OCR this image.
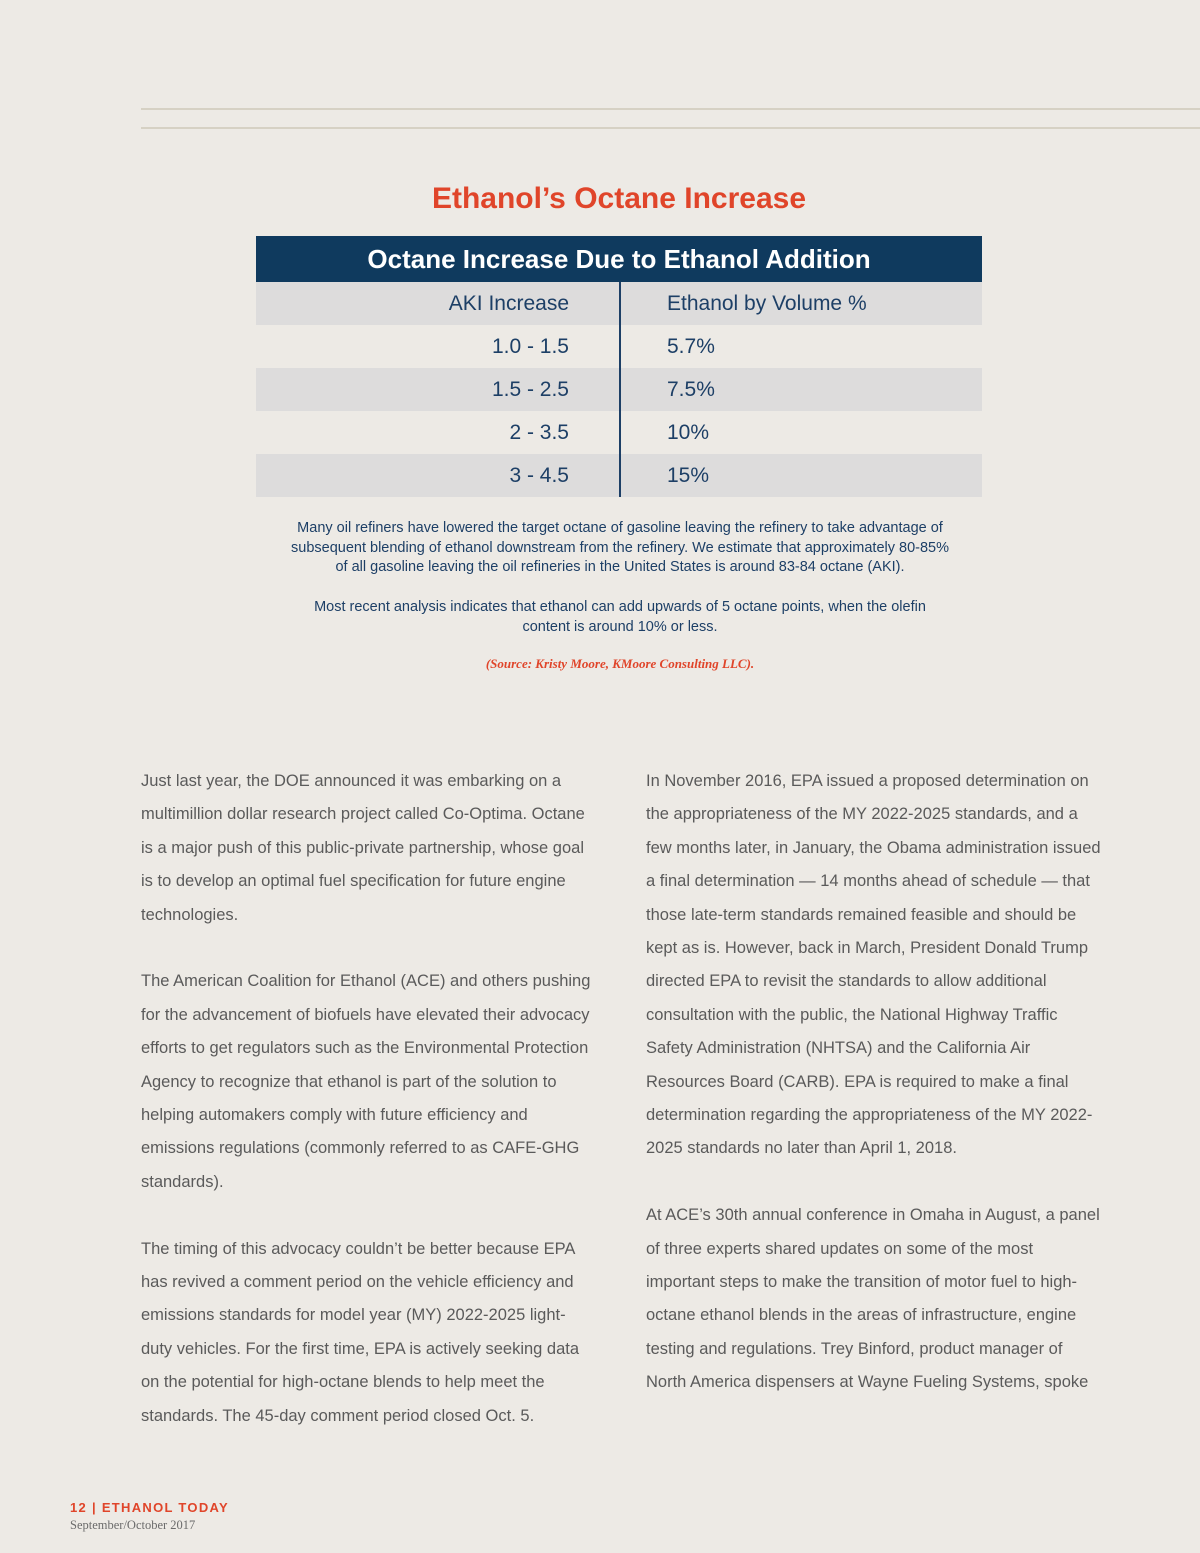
Ethanol’s Octane Increase
Octane Increase Due to Ethanol Addition
AKI Increase	Ethanol by Volume %
1.0 - 1.5	5.7%
1.5 - 2.5	7.5%
2 - 3.5	10%
3 - 4.5	15%
Many oil refiners have lowered the target octane of gasoline leaving the refinery to take advantage of subsequent blending of ethanol downstream from the refinery. We estimate that approximately 80-85% of all gasoline leaving the oil refineries in the United States is around 83-84 octane (AKI).
Most recent analysis indicates that ethanol can add upwards of 5 octane points, when the olefin content is around 10% or less.
(Source: Kristy Moore, KMoore Consulting LLC).

Just last year, the DOE announced it was embarking on a multimillion dollar research project called Co-Optima. Octane is a major push of this public-private partnership, whose goal is to develop an optimal fuel specification for future engine technologies.

The American Coalition for Ethanol (ACE) and others pushing for the advancement of biofuels have elevated their advocacy efforts to get regulators such as the Environmental Protection Agency to recognize that ethanol is part of the solution to helping automakers comply with future efficiency and emissions regulations (commonly referred to as CAFE-GHG standards).

The timing of this advocacy couldn’t be better because EPA has revived a comment period on the vehicle efficiency and emissions standards for model year (MY) 2022-2025 light-duty vehicles. For the first time, EPA is actively seeking data on the potential for high-octane blends to help meet the standards. The 45-day comment period closed Oct. 5.

In November 2016, EPA issued a proposed determination on the appropriateness of the MY 2022-2025 standards, and a few months later, in January, the Obama administration issued a final determination — 14 months ahead of schedule — that those late-term standards remained feasible and should be kept as is. However, back in March, President Donald Trump directed EPA to revisit the standards to allow additional consultation with the public, the National Highway Traffic Safety Administration (NHTSA) and the California Air Resources Board (CARB). EPA is required to make a final determination regarding the appropriateness of the MY 2022-2025 standards no later than April 1, 2018.

At ACE’s 30th annual conference in Omaha in August, a panel of three experts shared updates on some of the most important steps to make the transition of motor fuel to high-octane ethanol blends in the areas of infrastructure, engine testing and regulations. Trey Binford, product manager of North America dispensers at Wayne Fueling Systems, spoke

12 | ETHANOL TODAY
September/October 2017
